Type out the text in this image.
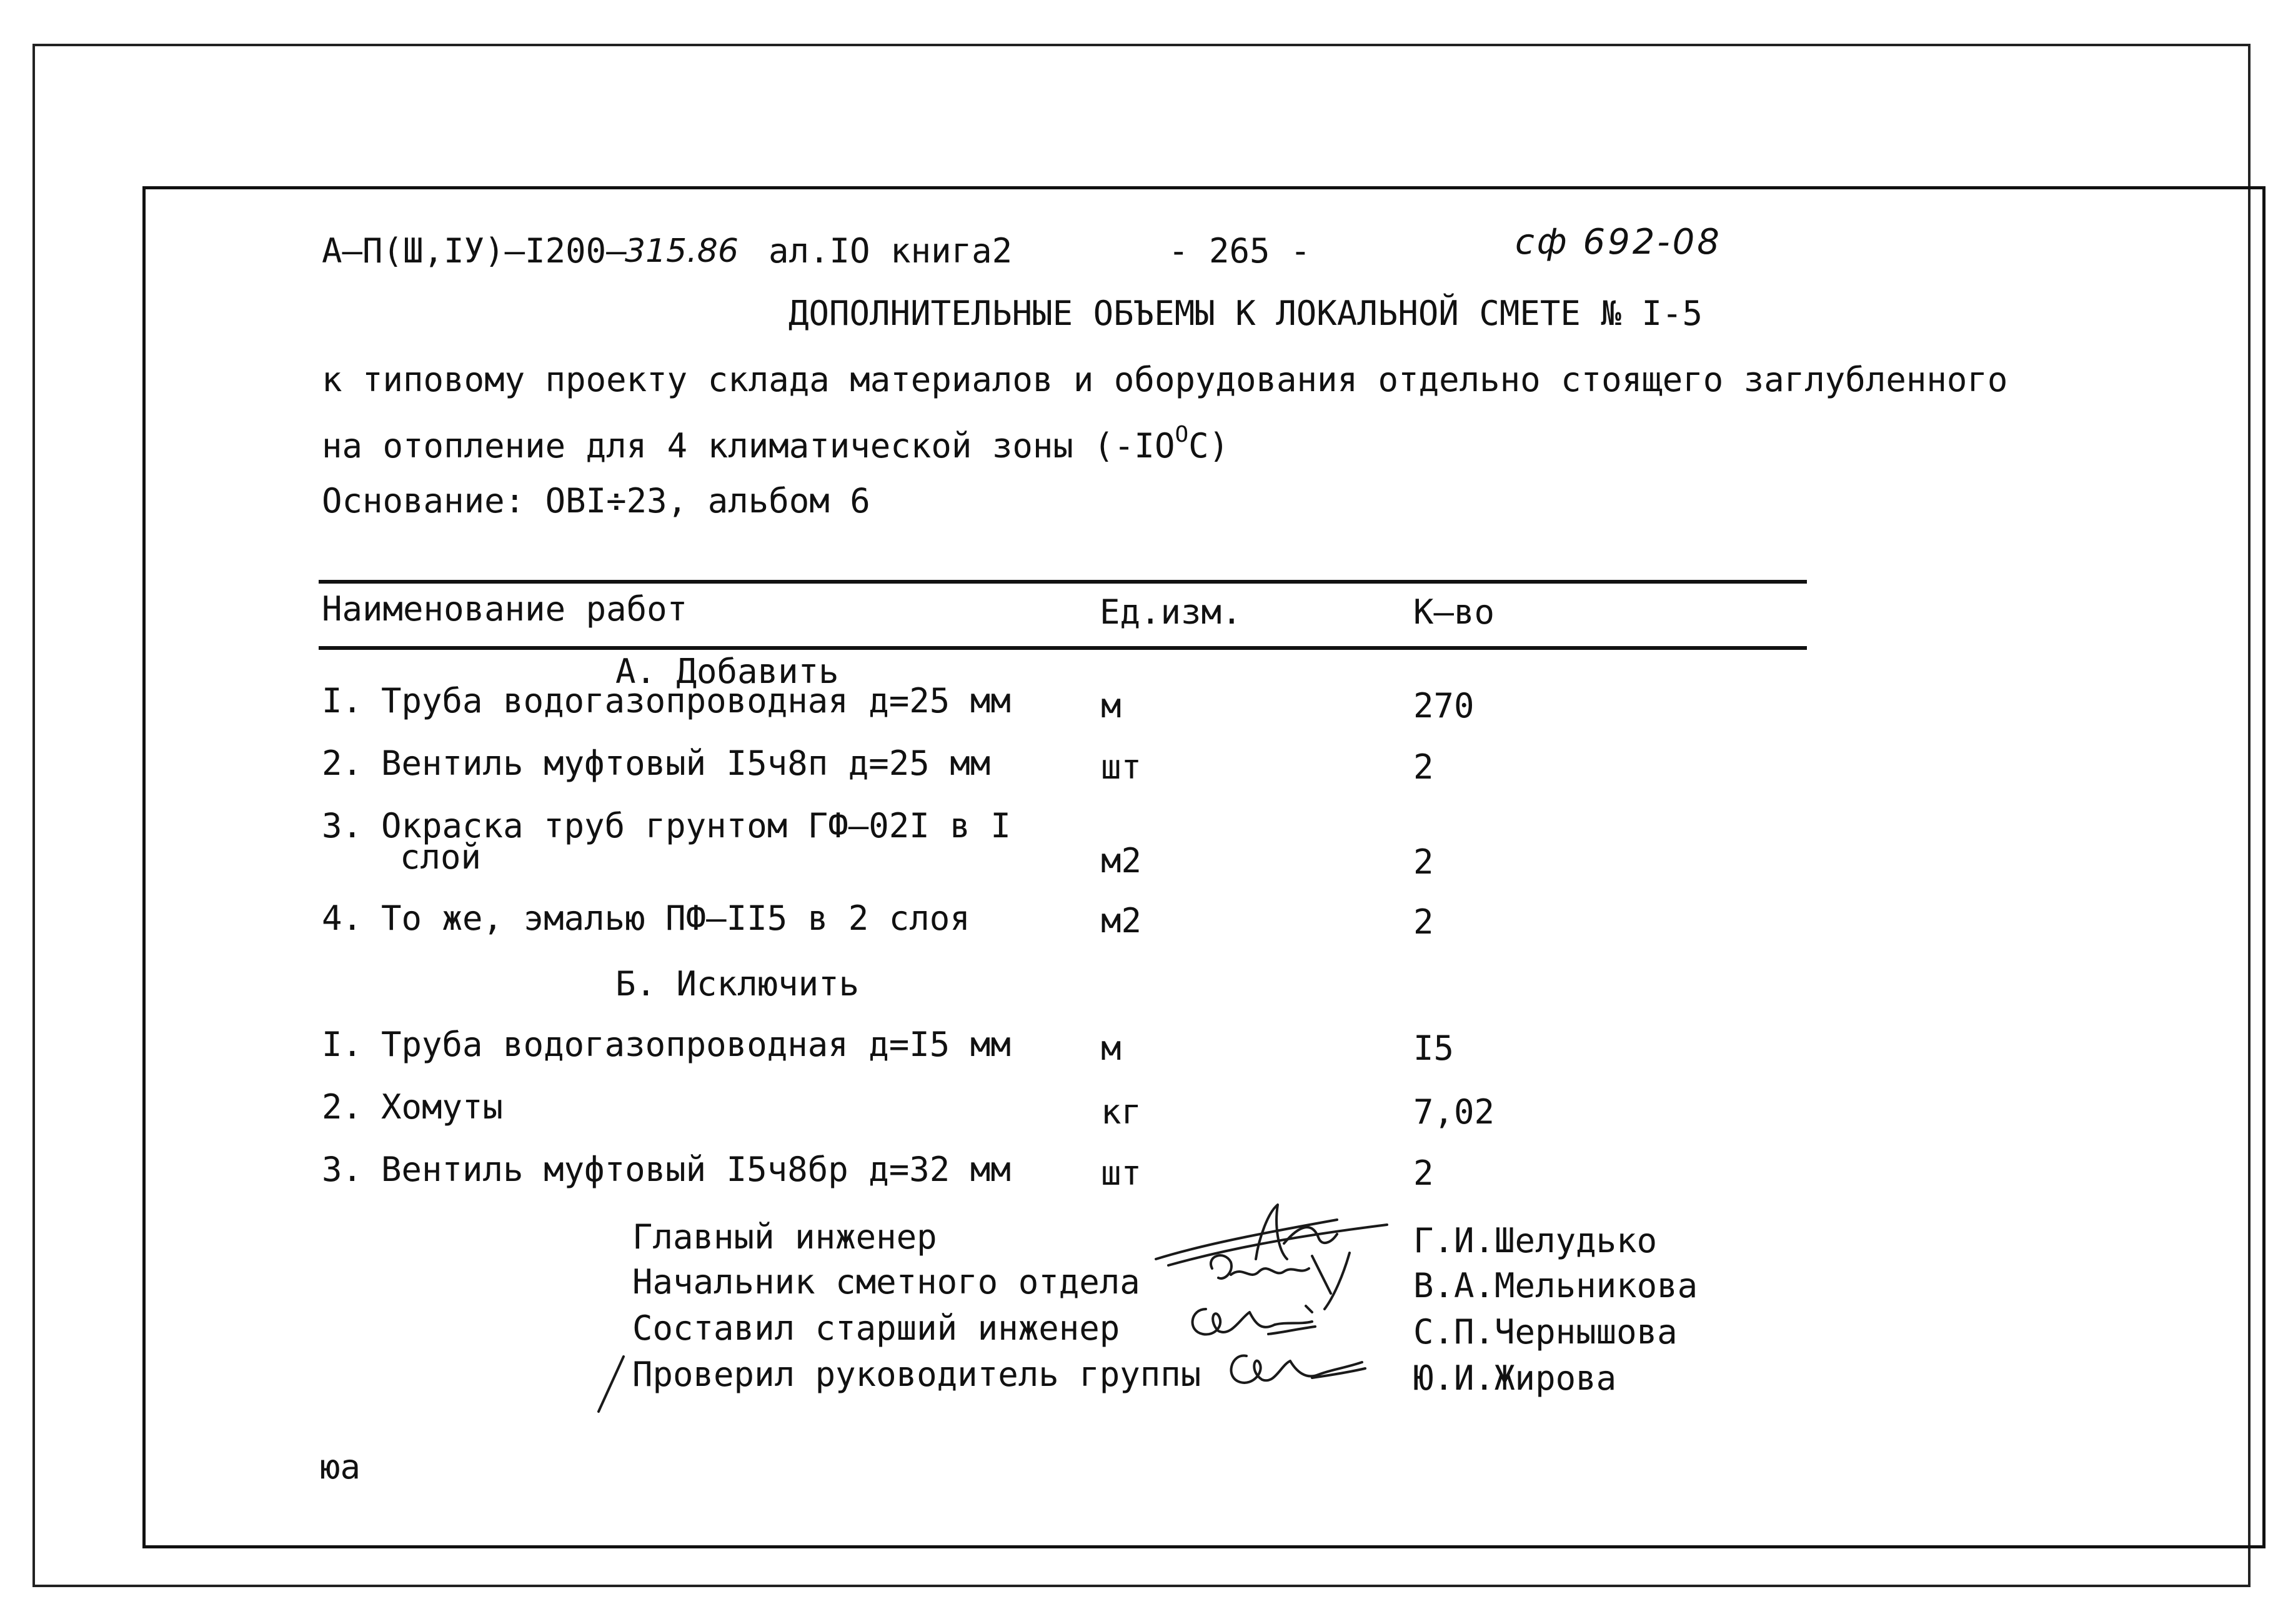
А–П(Ш,IУ)–I200–
315.86 ал.IO книга2	- 265 -	сф 692-08
ДОПОЛНИТЕЛЬНЫЕ ОБЪЕМЫ К ЛОКАЛЬНОЙ СМЕТЕ № I-5
к типовому проекту склада материалов и оборудования отдельно стоящего заглубленного
на отопление для 4 климатической зоны $(-IO^OC)$
Основание: OBI÷23, альбом 6
Наименование работ	Ед.изм.	К–во
А. Добавить
I. Труба водогазопроводная д=25 мм	м	270
2. Вентиль муфтовый I5ч8п д=25 мм	шт	2
3. Окраска труб грунтом ГФ–02I в I
слой	м2	2
4. То же, эмалью ПФ–II5 в 2 слоя	м2	2
Б. Исключить
I. Труба водогазопроводная д=I5 мм	м	I5
2. Хомуты	кг	7,02
3. Вентиль муфтовый I5ч8бр д=32 мм	шт	2
Главный инженер	Г.И.Шелудько
Начальник сметного отдела	В.А.Мельникова
Составил старший инженер	С.П.Чернышова
Проверил руководитель группы	Ю.И.Жирова
юа
